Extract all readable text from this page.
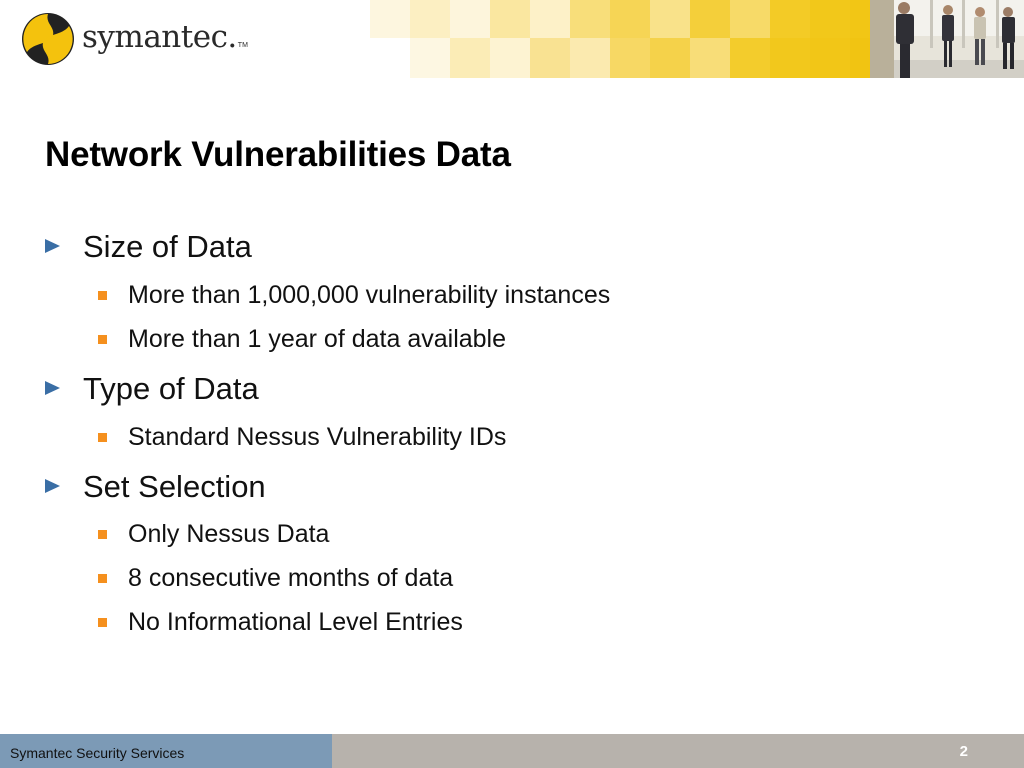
symantec. TM
Network Vulnerabilities Data
Size of Data
More than 1,000,000 vulnerability instances
More than 1 year of data available
Type of Data
Standard Nessus Vulnerability IDs
Set Selection
Only Nessus Data
8 consecutive months of data
No Informational Level Entries
Symantec Security Services	2
